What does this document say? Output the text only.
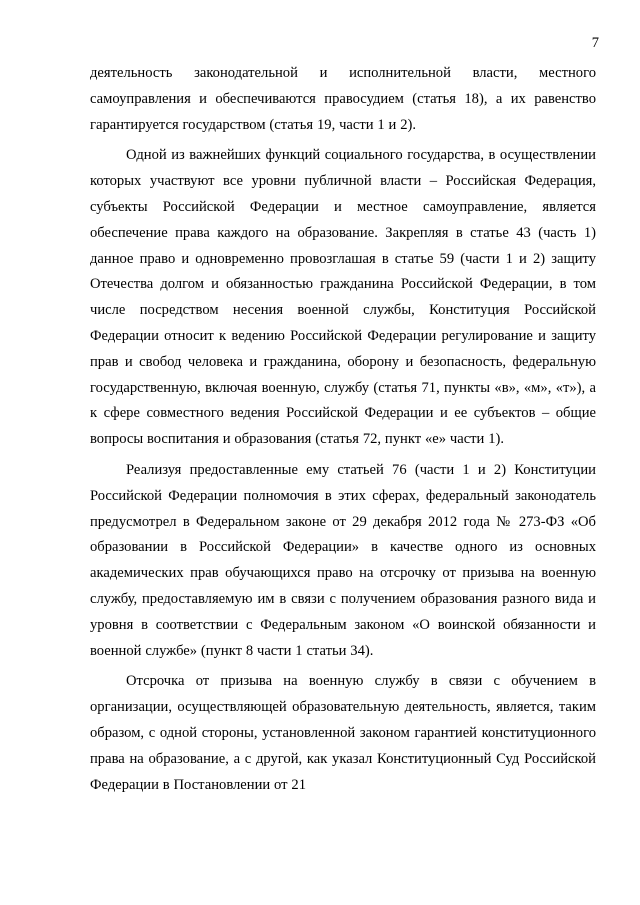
7

деятельность законодательной и исполнительной власти, местного самоуправления и обеспечиваются правосудием (статья 18), а их равенство гарантируется государством (статья 19, части 1 и 2).

Одной из важнейших функций социального государства, в осуществлении которых участвуют все уровни публичной власти – Российская Федерация, субъекты Российской Федерации и местное самоуправление, является обеспечение права каждого на образование. Закрепляя в статье 43 (часть 1) данное право и одновременно провозглашая в статье 59 (части 1 и 2) защиту Отечества долгом и обязанностью гражданина Российской Федерации, в том числе посредством несения военной службы, Конституция Российской Федерации относит к ведению Российской Федерации регулирование и защиту прав и свобод человека и гражданина, оборону и безопасность, федеральную государственную, включая военную, службу (статья 71, пункты «в», «м», «т»), а к сфере совместного ведения Российской Федерации и ее субъектов – общие вопросы воспитания и образования (статья 72, пункт «е» части 1).

Реализуя предоставленные ему статьей 76 (части 1 и 2) Конституции Российской Федерации полномочия в этих сферах, федеральный законодатель предусмотрел в Федеральном законе от 29 декабря 2012 года № 273-ФЗ «Об образовании в Российской Федерации» в качестве одного из основных академических прав обучающихся право на отсрочку от призыва на военную службу, предоставляемую им в связи с получением образования разного вида и уровня в соответствии с Федеральным законом «О воинской обязанности и военной службе» (пункт 8 части 1 статьи 34).

Отсрочка от призыва на военную службу в связи с обучением в организации, осуществляющей образовательную деятельность, является, таким образом, с одной стороны, установленной законом гарантией конституционного права на образование, а с другой, как указал Конституционный Суд Российской Федерации в Постановлении от 21
